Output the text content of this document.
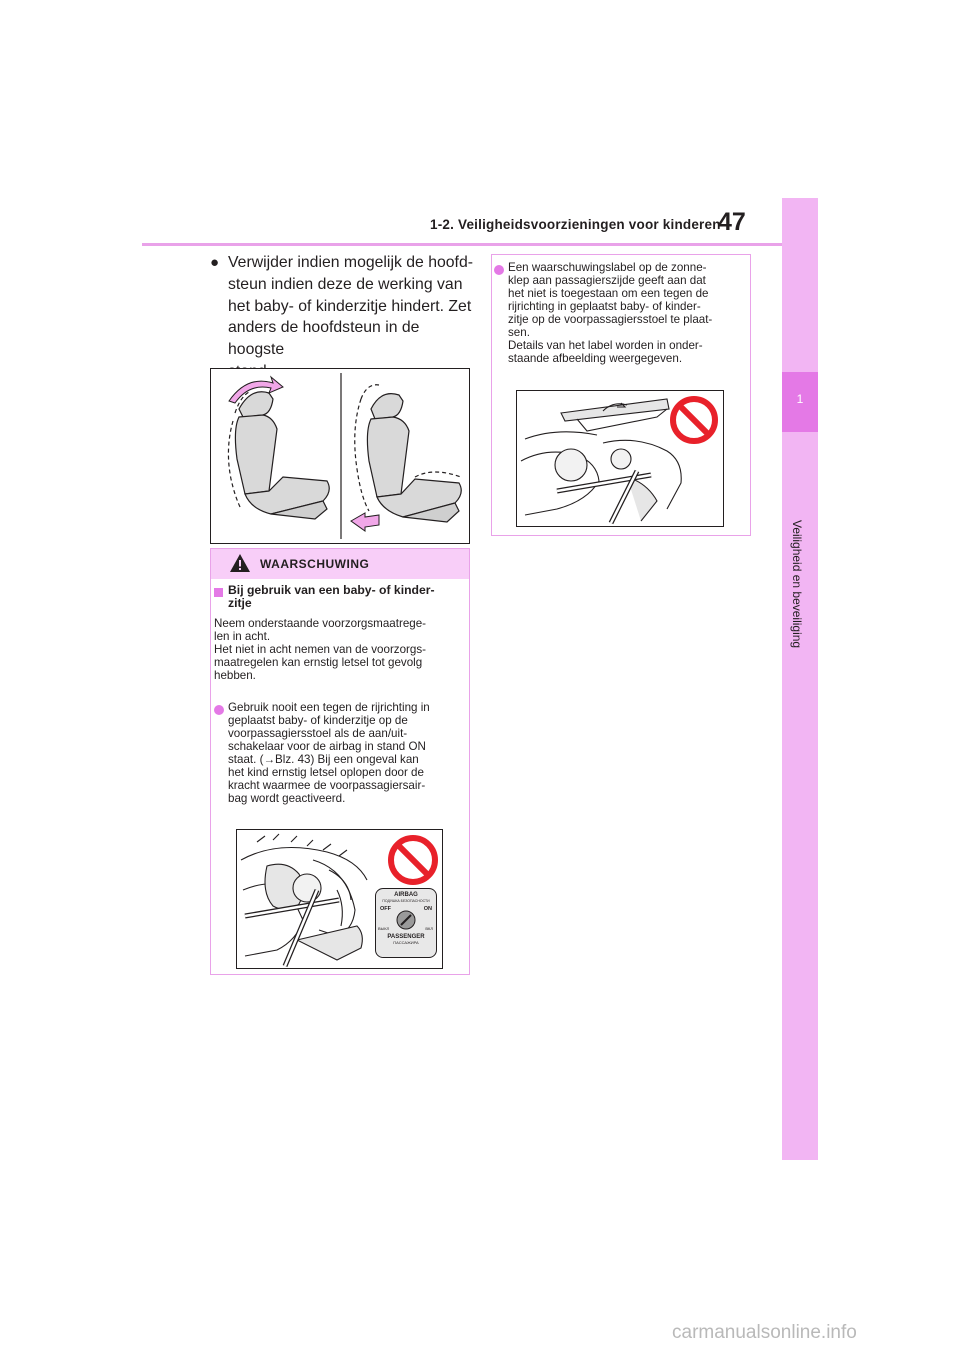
1-2. Veiligheidsvoorzieningen voor kinderen
47
1
Veiligheid en beveiliging
● Verwijder indien mogelijk de hoofd-
steun indien deze de werking van
het baby- of kinderzitje hindert. Zet
anders de hoofdsteun in de hoogste
WAARSCHUWING
Bij gebruik van een baby- of kinder-
zitje
Neem onderstaande voorzorgsmaatrege-
len in acht.
Het niet in acht nemen van de voorzorgs-
maatregelen kan ernstig letsel tot gevolg
hebben.
Gebruik nooit een tegen de rijrichting in
geplaatst baby- of kinderzitje op de
voorpassagiersstoel als de aan/uit-
schakelaar voor de airbag in stand ON
staat. (→Blz. 43) Bij een ongeval kan
het kind ernstig letsel oplopen door de
kracht waarmee de voorpassagiersair-
bag wordt geactiveerd.
AIRBAG
ПОДУШКА БЕЗОПАСНОСТИ
OFF	ON
ВЫКЛ	ВКЛ
PASSENGER
ПАССАЖИРА
Een waarschuwingslabel op de zonne-
klep aan passagierszijde geeft aan dat
het niet is toegestaan om een tegen de
rijrichting in geplaatst baby- of kinder-
zitje op de voorpassagiersstoel te plaat-
sen.
Details van het label worden in onder-
staande afbeelding weergegeven.
carmanualsonline.info
